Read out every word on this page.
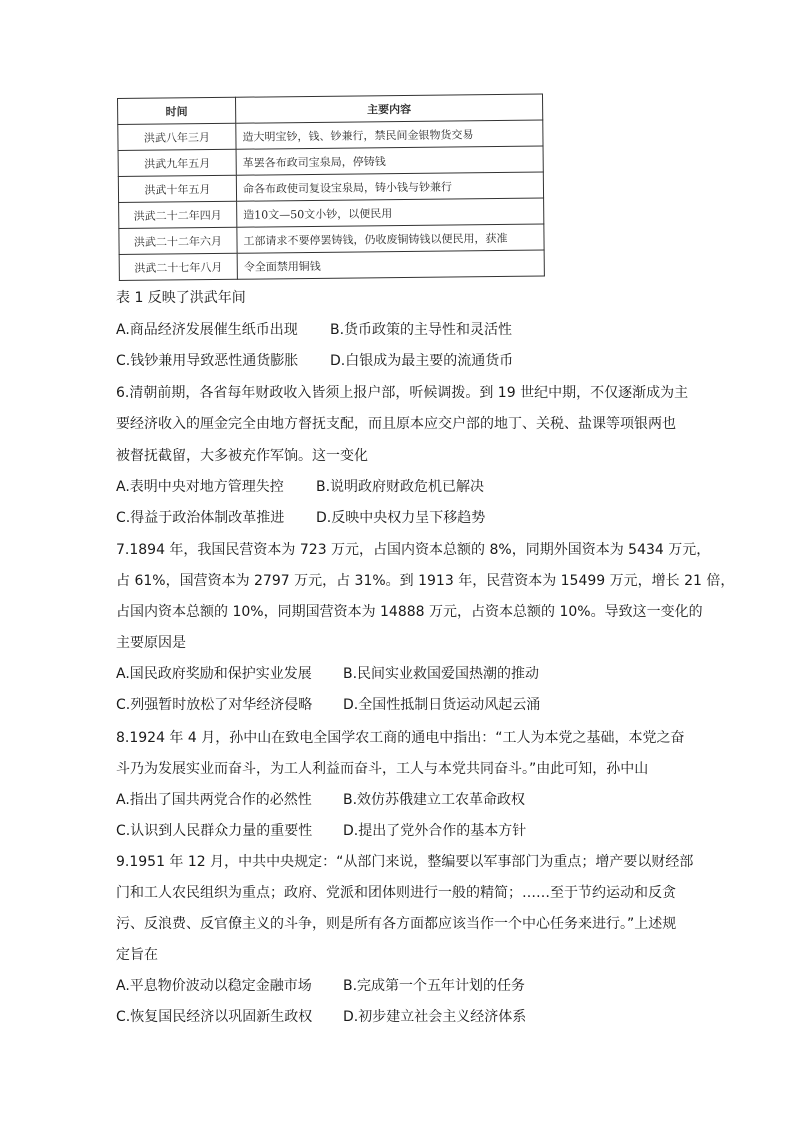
时间	主要内容
洪武八年三月	造大明宝钞，钱、钞兼行，禁民间金银物货交易
洪武九年五月	革罢各布政司宝泉局，停铸钱
洪武十年五月	命各布政使司复设宝泉局，铸小钱与钞兼行
洪武二十二年四月	造10文—50文小钞，以便民用
洪武二十二年六月	工部请求不要停罢铸钱，仍收废铜铸钱以便民用，获准
洪武二十七年八月	令全面禁用铜钱
表 1 反映了洪武年间
A.商品经济发展催生纸币出现 B.货币政策的主导性和灵活性
C.钱钞兼用导致恶性通货膨胀 D.白银成为最主要的流通货币
6.清朝前期，各省每年财政收入皆须上报户部，听候调拨。到 19 世纪中期，不仅逐渐成为主
要经济收入的厘金完全由地方督抚支配，而且原本应交户部的地丁、关税、盐课等项银两也
被督抚截留，大多被充作军饷。这一变化
A.表明中央对地方管理失控 B.说明政府财政危机已解决
C.得益于政治体制改革推进 D.反映中央权力呈下移趋势
7.1894 年，我国民营资本为 723 万元，占国内资本总额的 8%，同期外国资本为 5434 万元，
占 61%，国营资本为 2797 万元，占 31%。到 1913 年，民营资本为 15499 万元，增长 21 倍，
占国内资本总额的 10%，同期国营资本为 14888 万元，占资本总额的 10%。导致这一变化的
主要原因是
A.国民政府奖励和保护实业发展 B.民间实业救国爱国热潮的推动
C.列强暂时放松了对华经济侵略 D.全国性抵制日货运动风起云涌
8.1924 年 4 月，孙中山在致电全国学农工商的通电中指出：“工人为本党之基础，本党之奋
斗乃为发展实业而奋斗，为工人利益而奋斗，工人与本党共同奋斗。”由此可知，孙中山
A.指出了国共两党合作的必然性 B.效仿苏俄建立工农革命政权
C.认识到人民群众力量的重要性 D.提出了党外合作的基本方针
9.1951 年 12 月，中共中央规定：“从部门来说，整编要以军事部门为重点；增产要以财经部
门和工人农民组织为重点；政府、党派和团体则进行一般的精简；……至于节约运动和反贪
污、反浪费、反官僚主义的斗争，则是所有各方面都应该当作一个中心任务来进行。”上述规
定旨在
A.平息物价波动以稳定金融市场 B.完成第一个五年计划的任务
C.恢复国民经济以巩固新生政权 D.初步建立社会主义经济体系
